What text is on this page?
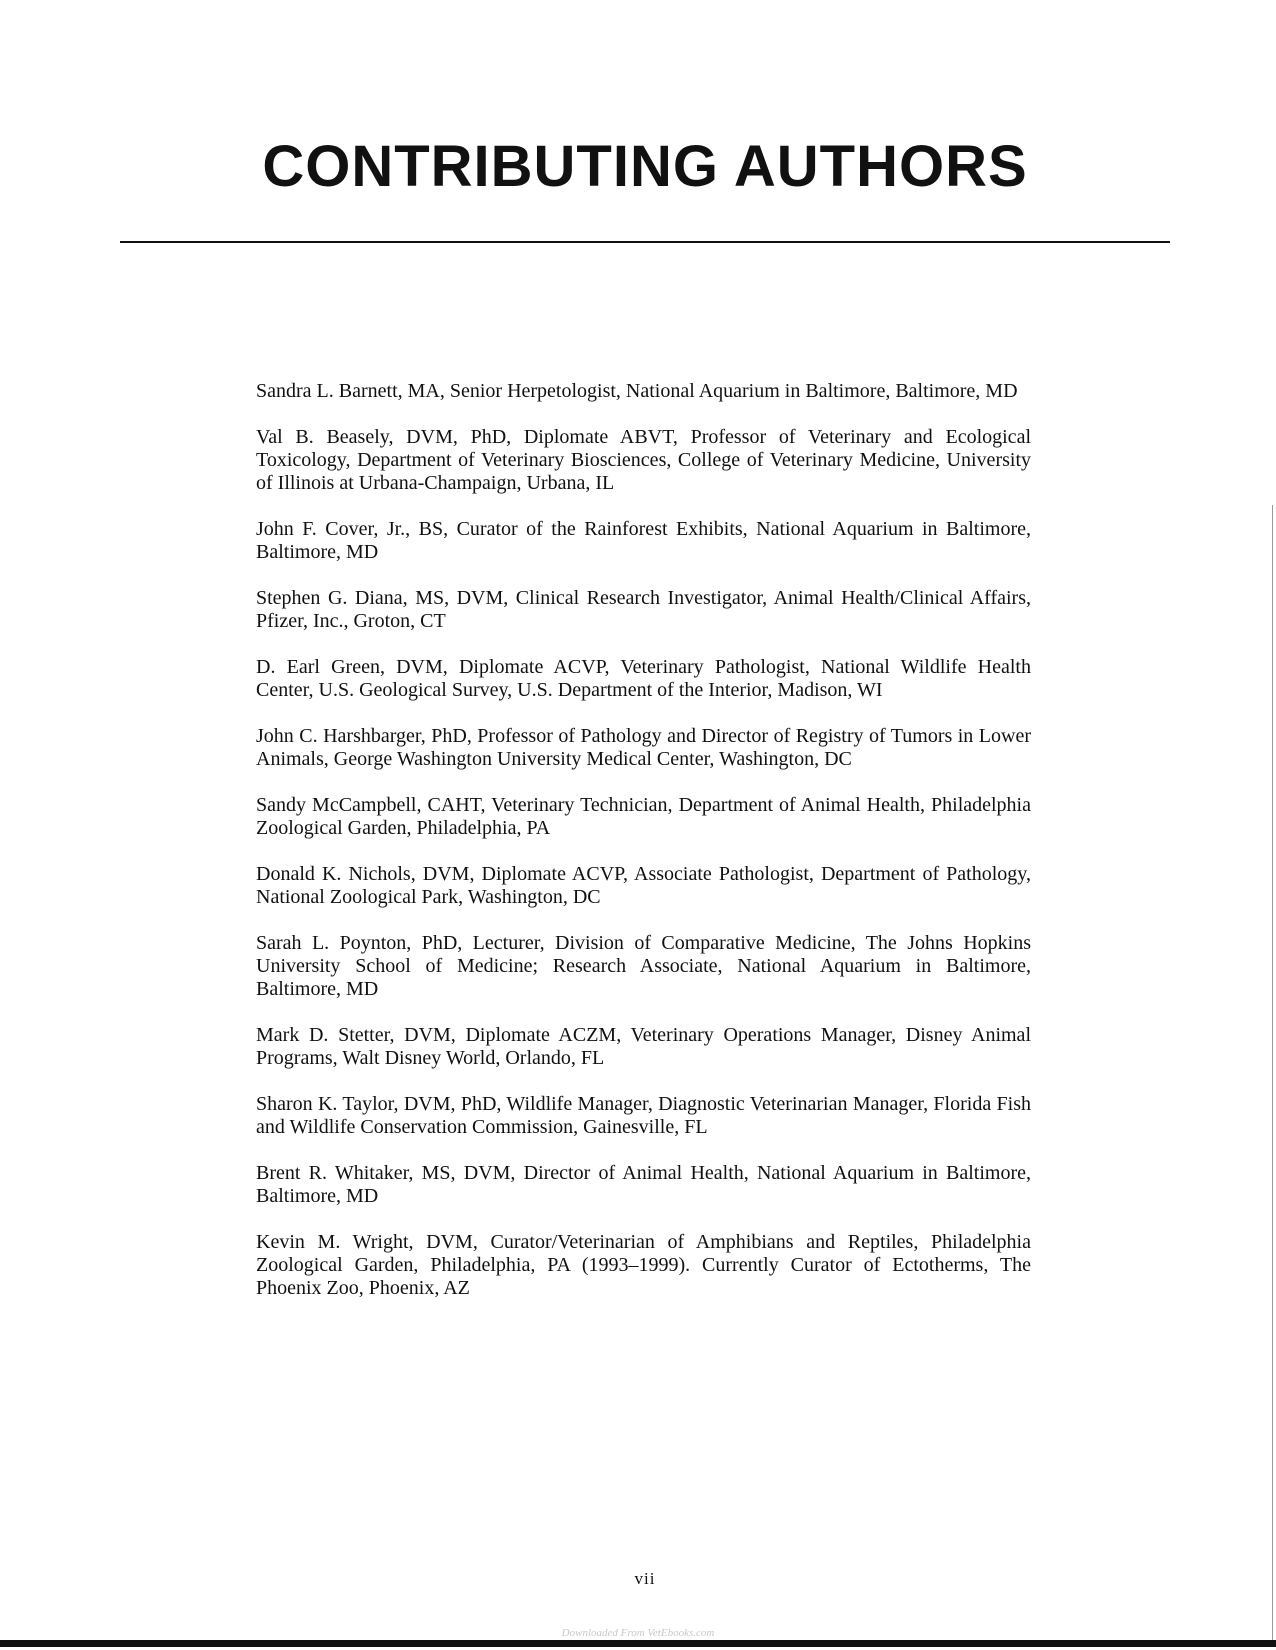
CONTRIBUTING AUTHORS
Sandra L. Barnett, MA, Senior Herpetologist, National Aquarium in Baltimore, Baltimore, MD
Val B. Beasely, DVM, PhD, Diplomate ABVT, Professor of Veterinary and Ecological Toxicology, Department of Veterinary Biosciences, College of Veterinary Medicine, University of Illinois at Urbana-Champaign, Urbana, IL
John F. Cover, Jr., BS, Curator of the Rainforest Exhibits, National Aquarium in Baltimore, Baltimore, MD
Stephen G. Diana, MS, DVM, Clinical Research Investigator, Animal Health/Clinical Affairs, Pfizer, Inc., Groton, CT
D. Earl Green, DVM, Diplomate ACVP, Veterinary Pathologist, National Wildlife Health Center, U.S. Geological Survey, U.S. Department of the Interior, Madison, WI
John C. Harshbarger, PhD, Professor of Pathology and Director of Registry of Tumors in Lower Animals, George Washington University Medical Center, Washington, DC
Sandy McCampbell, CAHT, Veterinary Technician, Department of Animal Health, Philadelphia Zoological Garden, Philadelphia, PA
Donald K. Nichols, DVM, Diplomate ACVP, Associate Pathologist, Department of Pathology, National Zoological Park, Washington, DC
Sarah L. Poynton, PhD, Lecturer, Division of Comparative Medicine, The Johns Hopkins University School of Medicine; Research Associate, National Aquarium in Baltimore, Baltimore, MD
Mark D. Stetter, DVM, Diplomate ACZM, Veterinary Operations Manager, Disney Animal Programs, Walt Disney World, Orlando, FL
Sharon K. Taylor, DVM, PhD, Wildlife Manager, Diagnostic Veterinarian Manager, Florida Fish and Wildlife Conservation Commission, Gainesville, FL
Brent R. Whitaker, MS, DVM, Director of Animal Health, National Aquarium in Baltimore, Baltimore, MD
Kevin M. Wright, DVM, Curator/Veterinarian of Amphibians and Reptiles, Philadelphia Zoological Garden, Philadelphia, PA (1993–1999). Currently Curator of Ectotherms, The Phoenix Zoo, Phoenix, AZ
vii
Downloaded From VetEbooks.com
